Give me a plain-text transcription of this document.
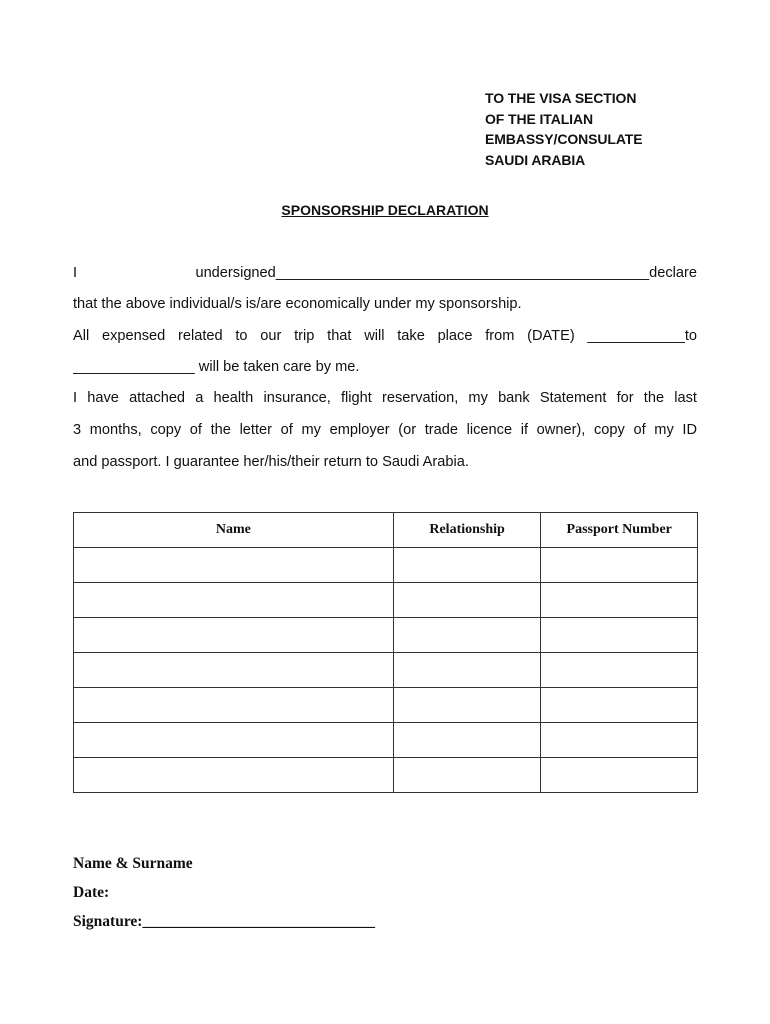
TO THE VISA SECTION
OF THE ITALIAN
EMBASSY/CONSULATE
SAUDI ARABIA
SPONSORSHIP DECLARATION
I undersigned______________________________________________declare
that the above individual/s is/are economically under my sponsorship.
All expensed related to our trip that will take place from (DATE) ____________to
_______________ will be taken care by me.
I have attached a health insurance, flight reservation, my bank Statement for the last
3 months, copy of the letter of my employer (or trade licence if owner), copy of my ID
and passport. I guarantee her/his/their return to Saudi Arabia.
Name	Relationship	Passport Number

Name & Surname
Date:
Signature:______________________________
